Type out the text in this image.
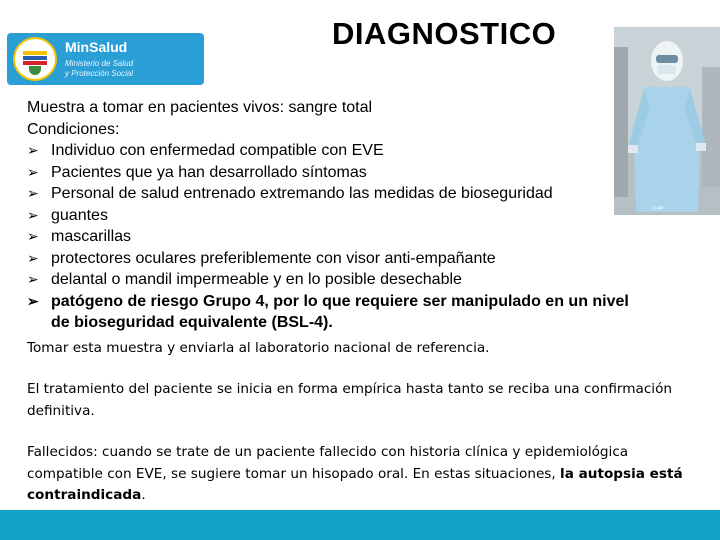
MinSalud
Ministerio de Salud
y Protección Social
DIAGNOSTICO
©AP

Muestra a tomar en pacientes vivos: sangre total

Condiciones:

➢ Individuo con enfermedad compatible con EVE
➢ Pacientes que ya han desarrollado síntomas
➢ Personal de salud entrenado extremando las medidas de bioseguridad
➢ guantes
➢ mascarillas
➢ protectores oculares preferiblemente con visor anti-empañante
➢ delantal o mandil impermeable y en lo posible desechable
➢ patógeno de riesgo Grupo 4, por lo que requiere ser manipulado en un nivel
de bioseguridad equivalente (BSL-4).

Tomar esta muestra y enviarla al laboratorio nacional de referencia.

El tratamiento del paciente se inicia en forma empírica hasta tanto se reciba una confirmación definitiva.

Fallecidos: cuando se trate de un paciente fallecido con historia clínica y epidemiológica compatible con EVE, se sugiere tomar un hisopado oral. En estas situaciones, la autopsia está contraindicada.
